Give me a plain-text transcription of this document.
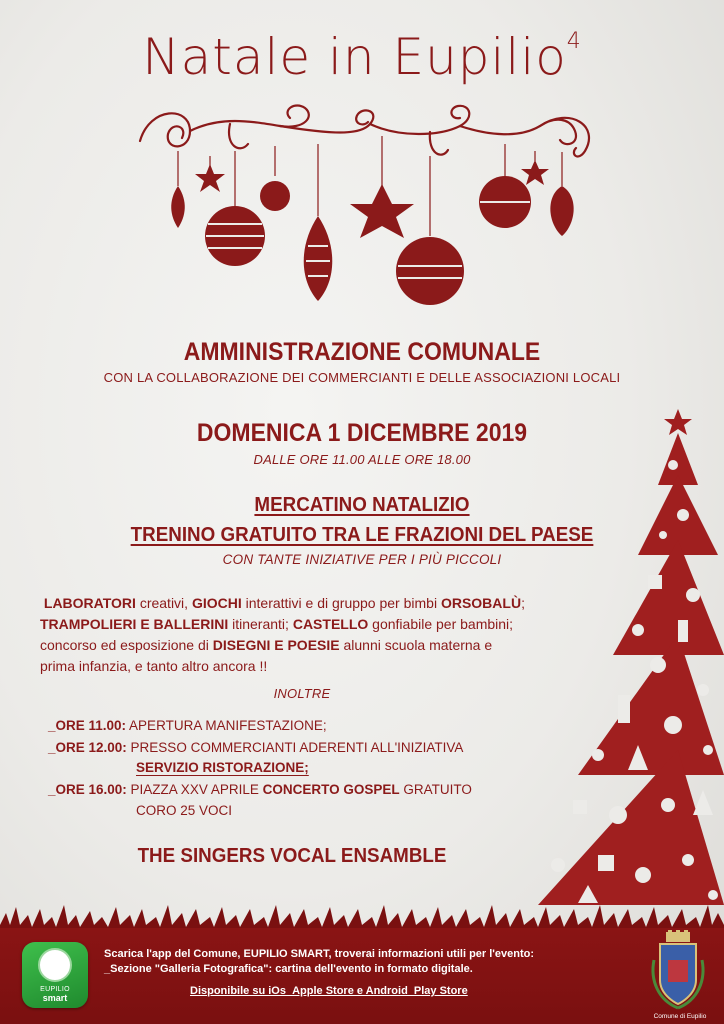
Natale in Eupilio$^4$
AMMINISTRAZIONE COMUNALE
CON LA COLLABORAZIONE DEI COMMERCIANTI E DELLE ASSOCIAZIONI LOCALI
DOMENICA 1 DICEMBRE 2019
DALLE ORE 11.00 ALLE ORE 18.00
MERCATINO NATALIZIO
TRENINO GRATUITO TRA LE FRAZIONI DEL PAESE
CON TANTE INIZIATIVE PER I PIÙ PICCOLI
LABORATORI creativi, GIOCHI interattivi e di gruppo per bimbi ORSOBALÙ;
TRAMPOLIERI E BALLERINI itineranti; CASTELLO gonfiabile per bambini;
concorso ed esposizione di DISEGNI E POESIE alunni scuola materna e
prima infanzia, e tanto altro ancora !!
INOLTRE
_ORE 11.00: APERTURA MANIFESTAZIONE;
_ORE 12.00: PRESSO COMMERCIANTI ADERENTI ALL'INIZIATIVA
SERVIZIO RISTORAZIONE;
_ORE 16.00: PIAZZA XXV APRILE CONCERTO GOSPEL GRATUITO
CORO 25 VOCI
THE SINGERS VOCAL ENSAMBLE
EUPILIO
smart
Scarica l'app del Comune, EUPILIO SMART, troverai informazioni utili per l'evento:
_Sezione "Galleria Fotografica": cartina dell'evento in formato digitale.
Disponibile su iOs_Apple Store e Android_Play Store
Comune di Eupilio
